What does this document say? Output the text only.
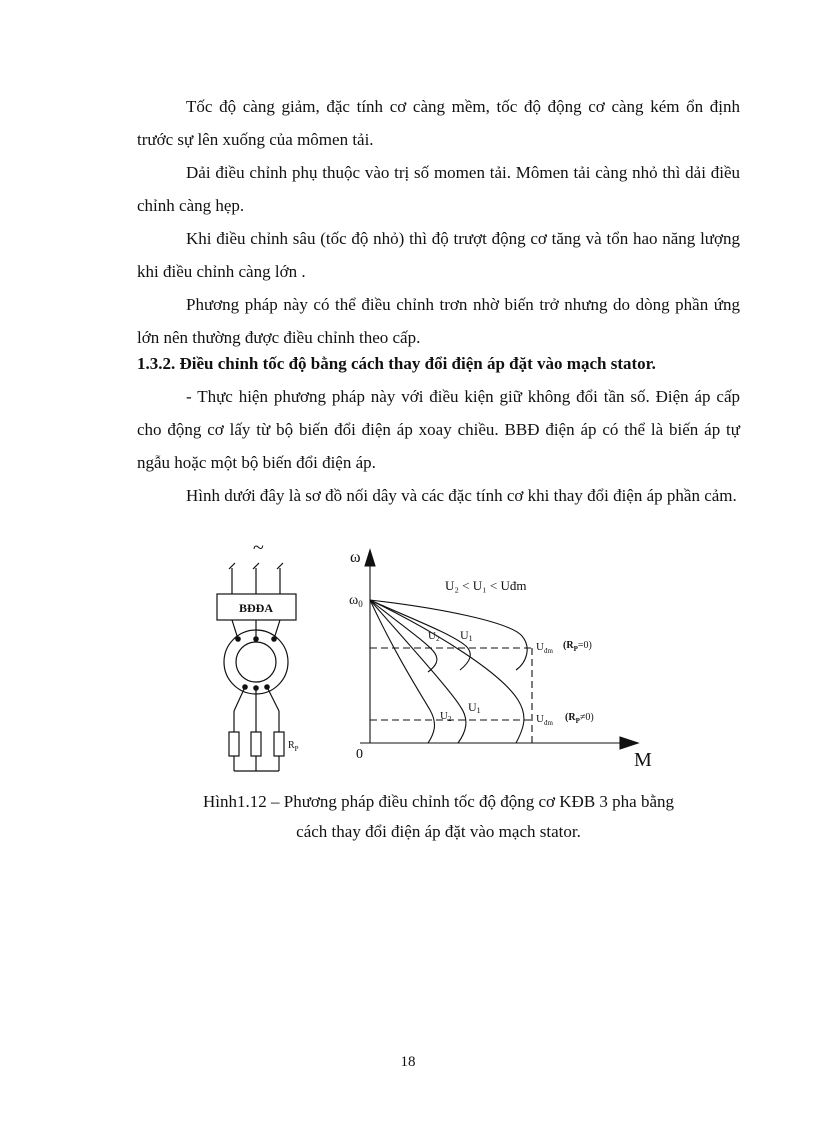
Tốc độ càng giảm, đặc tính cơ càng mềm, tốc độ động cơ càng kém ổn định trước sự lên xuống của mômen tải.

Dải điều chỉnh phụ thuộc vào trị số momen tải. Mômen tải càng nhỏ thì dải điều chỉnh càng hẹp.

Khi điều chỉnh sâu (tốc độ nhỏ) thì độ trượt động cơ tăng và tổn hao năng lượng khi điều chỉnh càng lớn .

Phương pháp này có thể điều chỉnh trơn nhờ biến trở nhưng do dòng phần ứng lớn nên thường được điều chỉnh theo cấp.

1.3.2. Điều chỉnh tốc độ bằng cách thay đổi điện áp đặt vào mạch stator.

- Thực hiện phương pháp này với điều kiện giữ không đổi tần số. Điện áp cấp cho động cơ lấy từ bộ biến đổi điện áp xoay chiều. BBĐ điện áp có thể là biến áp tự ngẫu hoặc một bộ biến đổi điện áp.

Hình dưới đây là sơ đồ nối dây và các đặc tính cơ khi thay đổi điện áp phần cảm.

~
BĐĐA
$R_P$
ω
M
0
$\omega_0$
U₂ < U₁ < Uđm
U2 U1
$U_{đm}$ $(R_P=0)$
U2
U1
$U_{đm}$ $(R_P\ne 0)$

Hình1.12 – Phương pháp điều chỉnh tốc độ động cơ KĐB 3 pha bằng

cách thay đổi điện áp đặt vào mạch stator.

18
